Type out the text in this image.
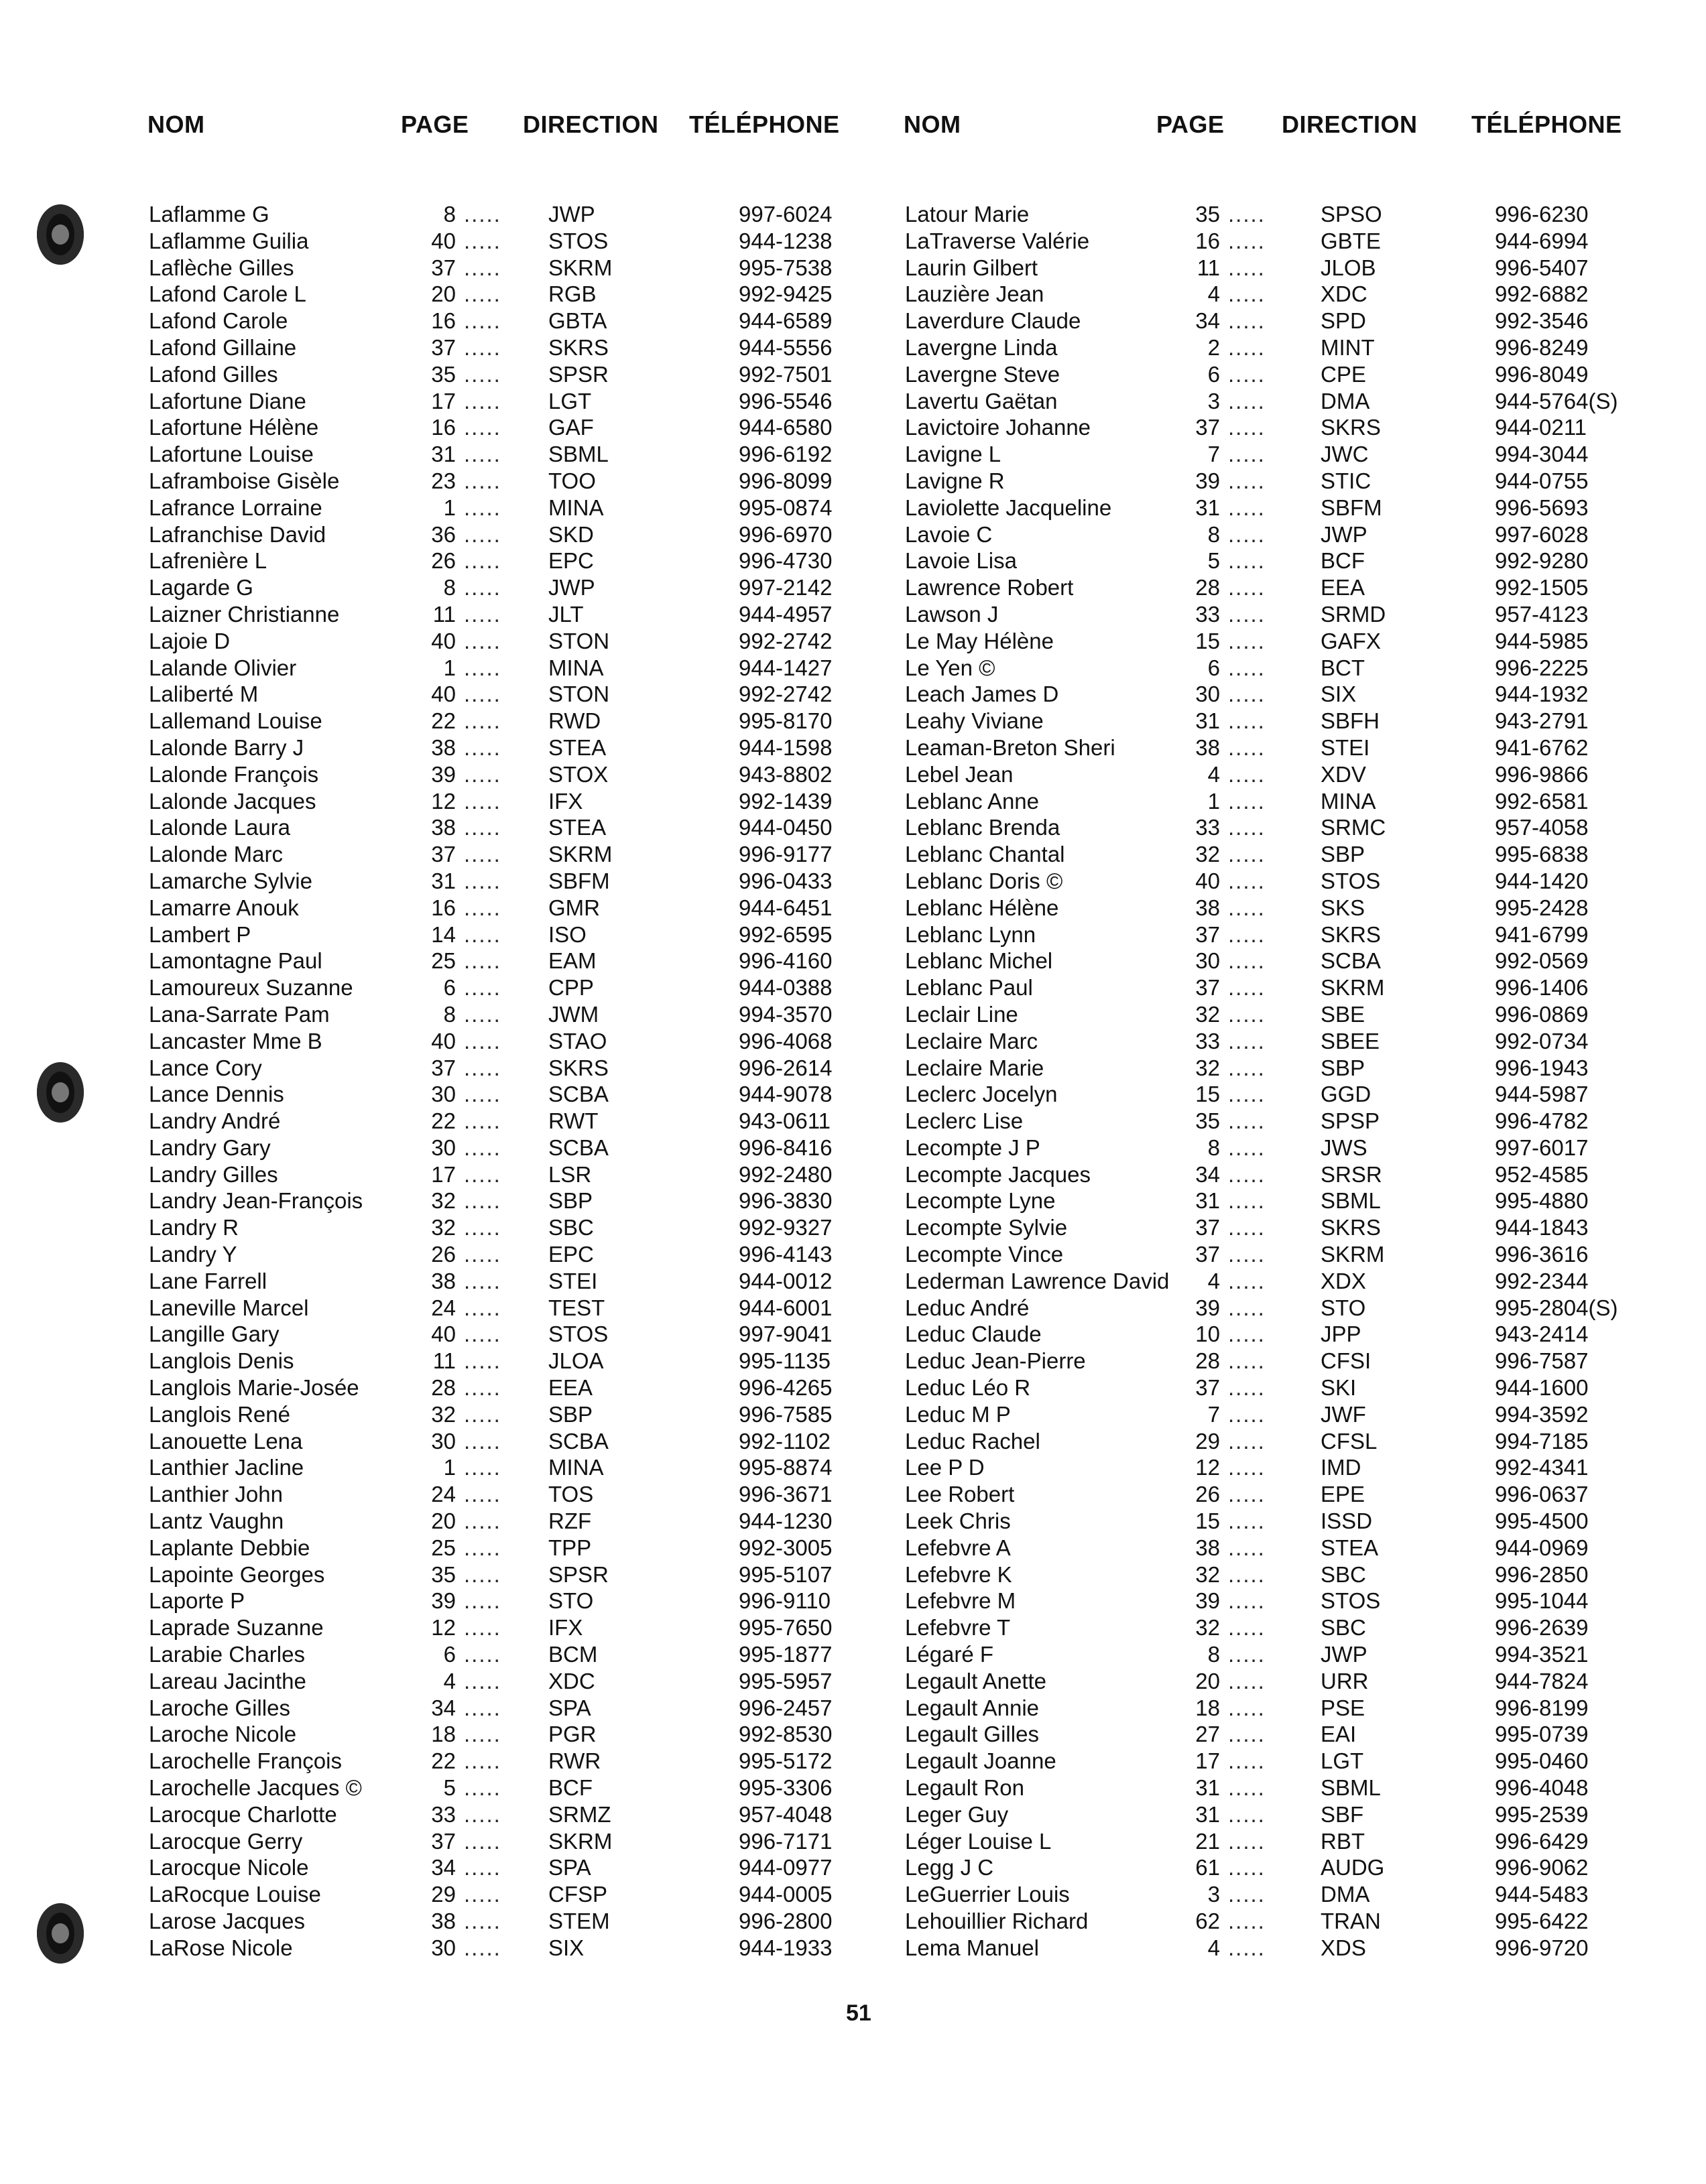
NOM	PAGE DIRECTION TÉLÉPHONE	NOM	PAGE DIRECTION TÉLÉPHONE
Laflamme G	8 ..... JWP	997-6024
Laflamme Guilia	40 ..... STOS	944-1238
Laflèche Gilles	37 ..... SKRM	995-7538
Lafond Carole L	20 ..... RGB	992-9425
Lafond Carole	16 ..... GBTA	944-6589
Lafond Gillaine	37 ..... SKRS	944-5556
Lafond Gilles	35 ..... SPSR	992-7501
Lafortune Diane	17 ..... LGT	996-5546
Lafortune Hélène	16 ..... GAF	944-6580
Lafortune Louise	31 ..... SBML	996-6192
Laframboise Gisèle	23 ..... TOO	996-8099
Lafrance Lorraine	1 ..... MINA	995-0874
Lafranchise David	36 ..... SKD	996-6970
Lafrenière L	26 ..... EPC	996-4730
Lagarde G	8 ..... JWP	997-2142
Laizner Christianne	11 ..... JLT	944-4957
Lajoie D	40 ..... STON	992-2742
Lalande Olivier	1 ..... MINA	944-1427
Laliberté M	40 ..... STON	992-2742
Lallemand Louise	22 ..... RWD	995-8170
Lalonde Barry J	38 ..... STEA	944-1598
Lalonde François	39 ..... STOX	943-8802
Lalonde Jacques	12 ..... IFX	992-1439
Lalonde Laura	38 ..... STEA	944-0450
Lalonde Marc	37 ..... SKRM	996-9177
Lamarche Sylvie	31 ..... SBFM	996-0433
Lamarre Anouk	16 ..... GMR	944-6451
Lambert P	14 ..... ISO	992-6595
Lamontagne Paul	25 ..... EAM	996-4160
Lamoureux Suzanne	6 ..... CPP	944-0388
Lana-Sarrate Pam	8 ..... JWM	994-3570
Lancaster Mme B	40 ..... STAO	996-4068
Lance Cory	37 ..... SKRS	996-2614
Lance Dennis	30 ..... SCBA	944-9078
Landry André	22 ..... RWT	943-0611
Landry Gary	30 ..... SCBA	996-8416
Landry Gilles	17 ..... LSR	992-2480
Landry Jean-François	32 ..... SBP	996-3830
Landry R	32 ..... SBC	992-9327
Landry Y	26 ..... EPC	996-4143
Lane Farrell	38 ..... STEI	944-0012
Laneville Marcel	24 ..... TEST	944-6001
Langille Gary	40 ..... STOS	997-9041
Langlois Denis	11 ..... JLOA	995-1135
Langlois Marie-Josée	28 ..... EEA	996-4265
Langlois René	32 ..... SBP	996-7585
Lanouette Lena	30 ..... SCBA	992-1102
Lanthier Jacline	1 ..... MINA	995-8874
Lanthier John	24 ..... TOS	996-3671
Lantz Vaughn	20 ..... RZF	944-1230
Laplante Debbie	25 ..... TPP	992-3005
Lapointe Georges	35 ..... SPSR	995-5107
Laporte P	39 ..... STO	996-9110
Laprade Suzanne	12 ..... IFX	995-7650
Larabie Charles	6 ..... BCM	995-1877
Lareau Jacinthe	4 ..... XDC	995-5957
Laroche Gilles	34 ..... SPA	996-2457
Laroche Nicole	18 ..... PGR	992-8530
Larochelle François	22 ..... RWR	995-5172
Larochelle Jacques ©	5 ..... BCF	995-3306
Larocque Charlotte	33 ..... SRMZ	957-4048
Larocque Gerry	37 ..... SKRM	996-7171
Larocque Nicole	34 ..... SPA	944-0977
LaRocque Louise	29 ..... CFSP	944-0005
Larose Jacques	38 ..... STEM	996-2800
LaRose Nicole	30 ..... SIX	944-1933
Latour Marie	35 ..... SPSO	996-6230
LaTraverse Valérie	16 ..... GBTE	944-6994
Laurin Gilbert	11 ..... JLOB	996-5407
Lauzière Jean	4 ..... XDC	992-6882
Laverdure Claude	34 ..... SPD	992-3546
Lavergne Linda	2 ..... MINT	996-8249
Lavergne Steve	6 ..... CPE	996-8049
Lavertu Gaëtan	3 ..... DMA	944-5764(S)
Lavictoire Johanne	37 ..... SKRS	944-0211
Lavigne L	7 ..... JWC	994-3044
Lavigne R	39 ..... STIC	944-0755
Laviolette Jacqueline	31 ..... SBFM	996-5693
Lavoie C	8 ..... JWP	997-6028
Lavoie Lisa	5 ..... BCF	992-9280
Lawrence Robert	28 ..... EEA	992-1505
Lawson J	33 ..... SRMD	957-4123
Le May Hélène	15 ..... GAFX	944-5985
Le Yen ©	6 ..... BCT	996-2225
Leach James D	30 ..... SIX	944-1932
Leahy Viviane	31 ..... SBFH	943-2791
Leaman-Breton Sheri	38 ..... STEI	941-6762
Lebel Jean	4 ..... XDV	996-9866
Leblanc Anne	1 ..... MINA	992-6581
Leblanc Brenda	33 ..... SRMC	957-4058
Leblanc Chantal	32 ..... SBP	995-6838
Leblanc Doris ©	40 ..... STOS	944-1420
Leblanc Hélène	38 ..... SKS	995-2428
Leblanc Lynn	37 ..... SKRS	941-6799
Leblanc Michel	30 ..... SCBA	992-0569
Leblanc Paul	37 ..... SKRM	996-1406
Leclair Line	32 ..... SBE	996-0869
Leclaire Marc	33 ..... SBEE	992-0734
Leclaire Marie	32 ..... SBP	996-1943
Leclerc Jocelyn	15 ..... GGD	944-5987
Leclerc Lise	35 ..... SPSP	996-4782
Lecompte J P	8 ..... JWS	997-6017
Lecompte Jacques	34 ..... SRSR	952-4585
Lecompte Lyne	31 ..... SBML	995-4880
Lecompte Sylvie	37 ..... SKRS	944-1843
Lecompte Vince	37 ..... SKRM	996-3616
Lederman Lawrence David	4 ..... XDX	992-2344
Leduc André	39 ..... STO	995-2804(S)
Leduc Claude	10 ..... JPP	943-2414
Leduc Jean-Pierre	28 ..... CFSI	996-7587
Leduc Léo R	37 ..... SKI	944-1600
Leduc M P	7 ..... JWF	994-3592
Leduc Rachel	29 ..... CFSL	994-7185
Lee P D	12 ..... IMD	992-4341
Lee Robert	26 ..... EPE	996-0637
Leek Chris	15 ..... ISSD	995-4500
Lefebvre A	38 ..... STEA	944-0969
Lefebvre K	32 ..... SBC	996-2850
Lefebvre M	39 ..... STOS	995-1044
Lefebvre T	32 ..... SBC	996-2639
Légaré F	8 ..... JWP	994-3521
Legault Anette	20 ..... URR	944-7824
Legault Annie	18 ..... PSE	996-8199
Legault Gilles	27 ..... EAI	995-0739
Legault Joanne	17 ..... LGT	995-0460
Legault Ron	31 ..... SBML	996-4048
Leger Guy	31 ..... SBF	995-2539
Léger Louise L	21 ..... RBT	996-6429
Legg J C	61 ..... AUDG	996-9062
LeGuerrier Louis	3 ..... DMA	944-5483
Lehouillier Richard	62 ..... TRAN	995-6422
Lema Manuel	4 ..... XDS	996-9720
51
